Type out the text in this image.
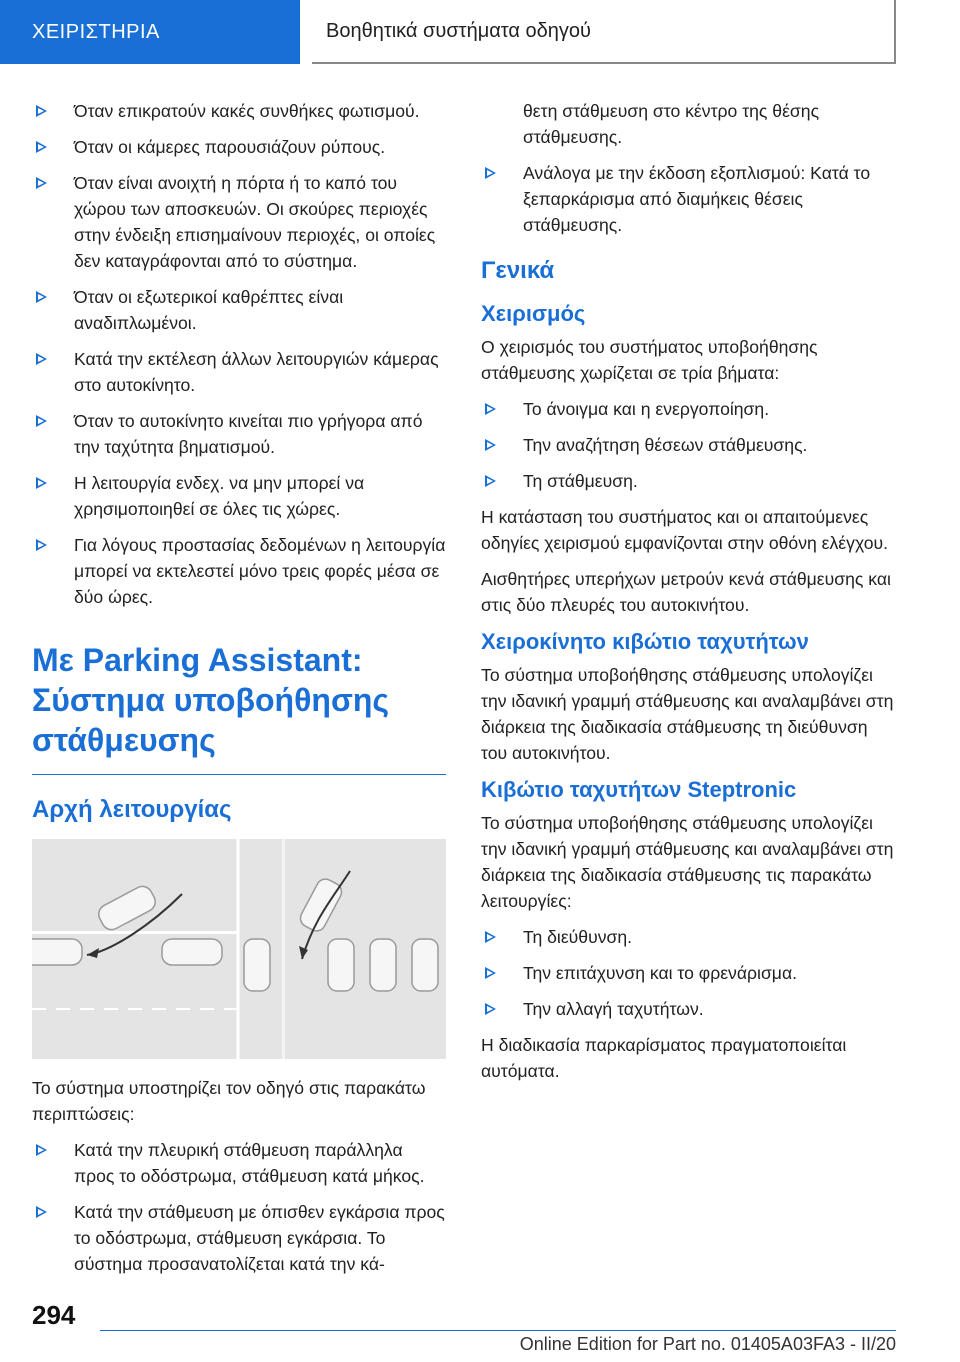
ΧΕΙΡΙΣΤΗΡΙΑ	Βοηθητικά συστήματα οδηγού
Όταν επικρατούν κακές συνθήκες φωτισμού.
Όταν οι κάμερες παρουσιάζουν ρύπους.
Όταν είναι ανοιχτή η πόρτα ή το καπό του χώρου των αποσκευών. Οι σκούρες περιοχές στην ένδειξη επισημαίνουν περιοχές, οι οποίες δεν καταγράφονται από το σύστημα.
Όταν οι εξωτερικοί καθρέπτες είναι αναδιπλωμένοι.
Κατά την εκτέλεση άλλων λειτουργιών κάμερας στο αυτοκίνητο.
Όταν το αυτοκίνητο κινείται πιο γρήγορα από την ταχύτητα βηματισμού.
Η λειτουργία ενδεχ. να μην μπορεί να χρησιμοποιηθεί σε όλες τις χώρες.
Για λόγους προστασίας δεδομένων η λειτουργία μπορεί να εκτελεστεί μόνο τρεις φορές μέσα σε δύο ώρες.
Με Parking Assistant: Σύστημα υποβοήθησης στάθμευσης
Αρχή λειτουργίας
Το σύστημα υποστηρίζει τον οδηγό στις παρακάτω περιπτώσεις:
Κατά την πλευρική στάθμευση παράλληλα προς το οδόστρωμα, στάθμευση κατά μήκος.
Κατά την στάθμευση με όπισθεν εγκάρσια προς το οδόστρωμα, στάθμευση εγκάρσια. Το σύστημα προσανατολίζεται κατά την κά-
θετη στάθμευση στο κέντρο της θέσης στάθμευσης.
Ανάλογα με την έκδοση εξοπλισμού: Κατά το ξεπαρκάρισμα από διαμήκεις θέσεις στάθμευσης.
Γενικά
Χειρισμός
Ο χειρισμός του συστήματος υποβοήθησης στάθμευσης χωρίζεται σε τρία βήματα:
Το άνοιγμα και η ενεργοποίηση.
Την αναζήτηση θέσεων στάθμευσης.
Τη στάθμευση.
Η κατάσταση του συστήματος και οι απαιτούμενες οδηγίες χειρισμού εμφανίζονται στην οθόνη ελέγχου.
Αισθητήρες υπερήχων μετρούν κενά στάθμευσης και στις δύο πλευρές του αυτοκινήτου.
Χειροκίνητο κιβώτιο ταχυτήτων
Το σύστημα υποβοήθησης στάθμευσης υπολογίζει την ιδανική γραμμή στάθμευσης και αναλαμβάνει στη διάρκεια της διαδικασία στάθμευσης τη διεύθυνση του αυτοκινήτου.
Κιβώτιο ταχυτήτων Steptronic
Το σύστημα υποβοήθησης στάθμευσης υπολογίζει την ιδανική γραμμή στάθμευσης και αναλαμβάνει στη διάρκεια της διαδικασία στάθμευσης τις παρακάτω λειτουργίες:
Τη διεύθυνση.
Την επιτάχυνση και το φρενάρισμα.
Την αλλαγή ταχυτήτων.
Η διαδικασία παρκαρίσματος πραγματοποιείται αυτόματα.
294
Online Edition for Part no. 01405A03FA3 - II/20
